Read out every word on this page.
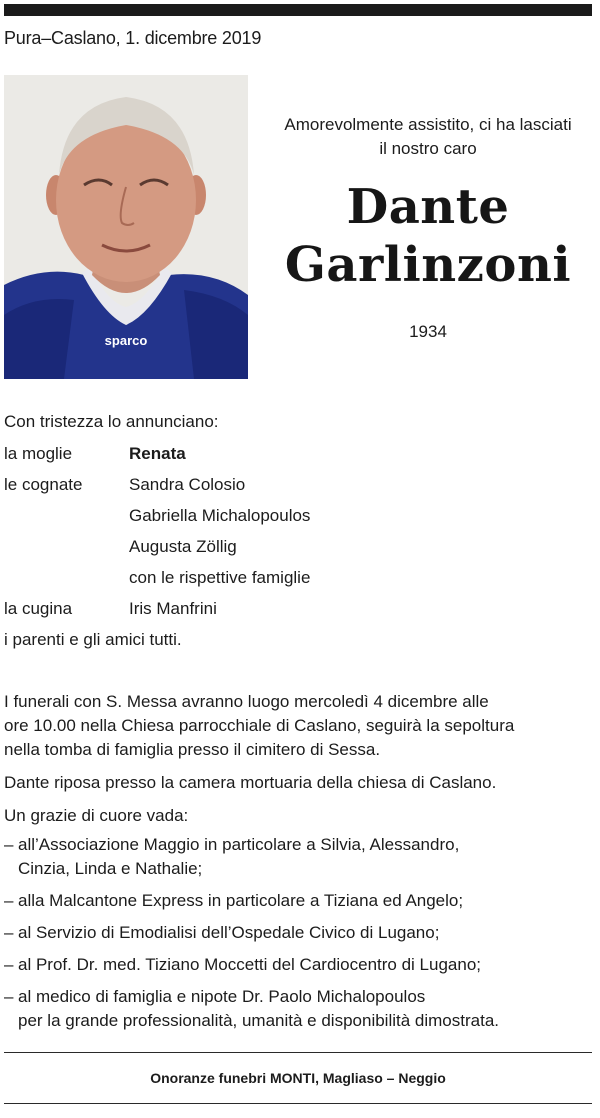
Pura–Caslano, 1. dicembre 2019
sparco
Amorevolmente assistito, ci ha lasciati
il nostro caro
Dante
Garlinzoni
1934
Con tristezza lo annunciano:
la moglie	Renata
le cognate	Sandra Colosio
Gabriella Michalopoulos
Augusta Zöllig
con le rispettive famiglie
la cugina	Iris Manfrini
i parenti e gli amici tutti.
I funerali con S. Messa avranno luogo mercoledì 4 dicembre alle
ore 10.00 nella Chiesa parrocchiale di Caslano, seguirà la sepoltura
nella tomba di famiglia presso il cimitero di Sessa.
Dante riposa presso la camera mortuaria della chiesa di Caslano.
Un grazie di cuore vada:
– all’Associazione Maggio in particolare a Silvia, Alessandro,
Cinzia, Linda e Nathalie;
– alla Malcantone Express in particolare a Tiziana ed Angelo;
– al Servizio di Emodialisi dell’Ospedale Civico di Lugano;
– al Prof. Dr. med. Tiziano Moccetti del Cardiocentro di Lugano;
– al medico di famiglia e nipote Dr. Paolo Michalopoulos
per la grande professionalità, umanità e disponibilità dimostrata.
Onoranze funebri MONTI, Magliaso – Neggio
